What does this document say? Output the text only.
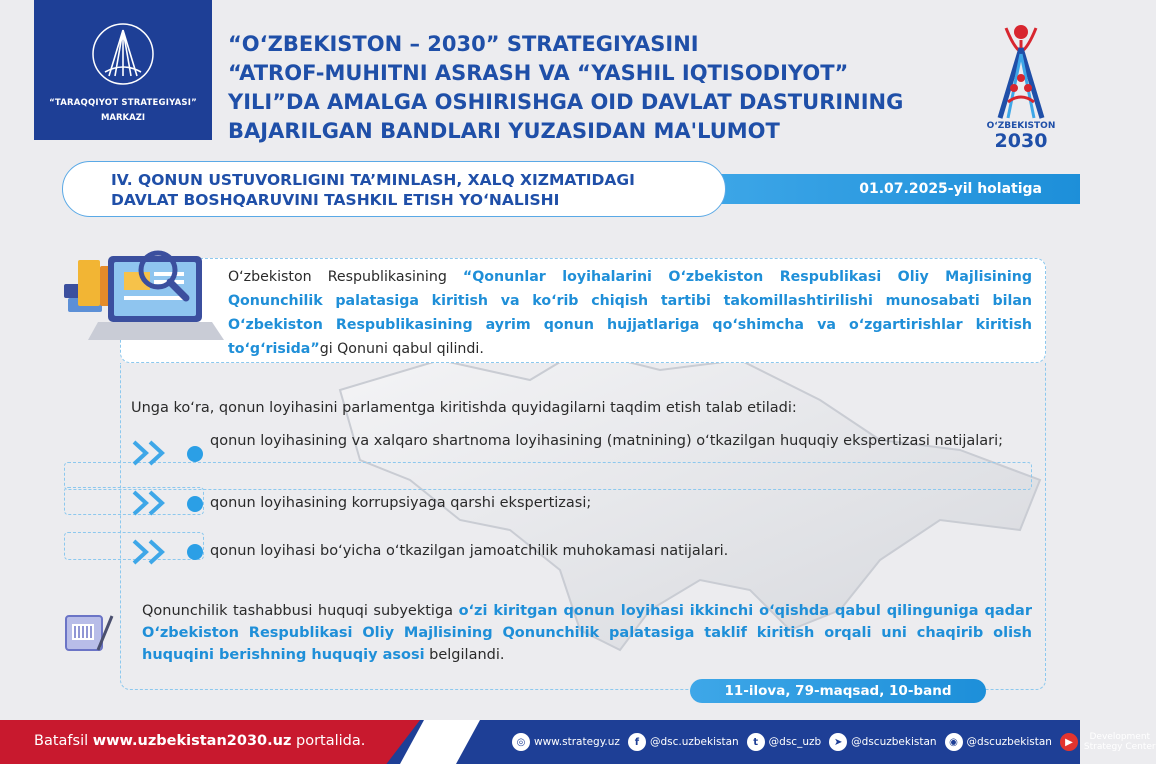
“TARAQQIYOT STRATEGIYASI”
MARKAZI
“OʻZBEKISTON – 2030” STRATEGIYASINI
“ATROF-MUHITNI ASRASH VA “YASHIL IQTISODIYOT”
YILI”DA AMALGA OSHIRISHGA OID DAVLAT DASTURINING
BAJARILGAN BANDLARI YUZASIDAN MA'LUMOT	OʻZBEKISTON
2030
01.07.2025-yil holatiga
IV. QONUN USTUVORLIGINI TA’MINLASH, XALQ XIZMATIDAGI
DAVLAT BOSHQARUVINI TASHKIL ETISH YOʻNALISHI
Oʻzbekiston Respublikasining “Qonunlar loyihalarini Oʻzbekiston Respublikasi Oliy Majlisining Qonunchilik palatasiga kiritish va koʻrib chiqish tartibi takomillashtirilishi munosabati bilan Oʻzbekiston Respublikasining ayrim qonun hujjatlariga qoʻshimcha va oʻzgartirishlar kiritish toʻgʻrisida”gi Qonuni qabul qilindi.
Unga koʻra, qonun loyihasini parlamentga kiritishda quyidagilarni taqdim etish talab etiladi:
qonun loyihasining va xalqaro shartnoma loyihasining (matnining) oʻtkazilgan huquqiy ekspertizasi natijalari;
qonun loyihasining korrupsiyaga qarshi ekspertizasi;
qonun loyihasi boʻyicha oʻtkazilgan jamoatchilik muhokamasi natijalari.
Qonunchilik tashabbusi huquqi subyektiga oʻzi kiritgan qonun loyihasi ikkinchi oʻqishda qabul qilinguniga qadar Oʻzbekiston Respublikasi Oliy Majlisining Qonunchilik palatasiga taklif kiritish orqali uni chaqirib olish huquqini berishning huquqiy asosi belgilandi.
11-ilova, 79-maqsad, 10-band
Batafsil www.uzbekistan2030.uz portalida.	◎ www.strategy.uz	f	@dsc.uzbekistan	t	@dsc_uzb	➤ @dscuzbekistan	◉ @dscuzbekistan	▶	Development
Strategy Center
